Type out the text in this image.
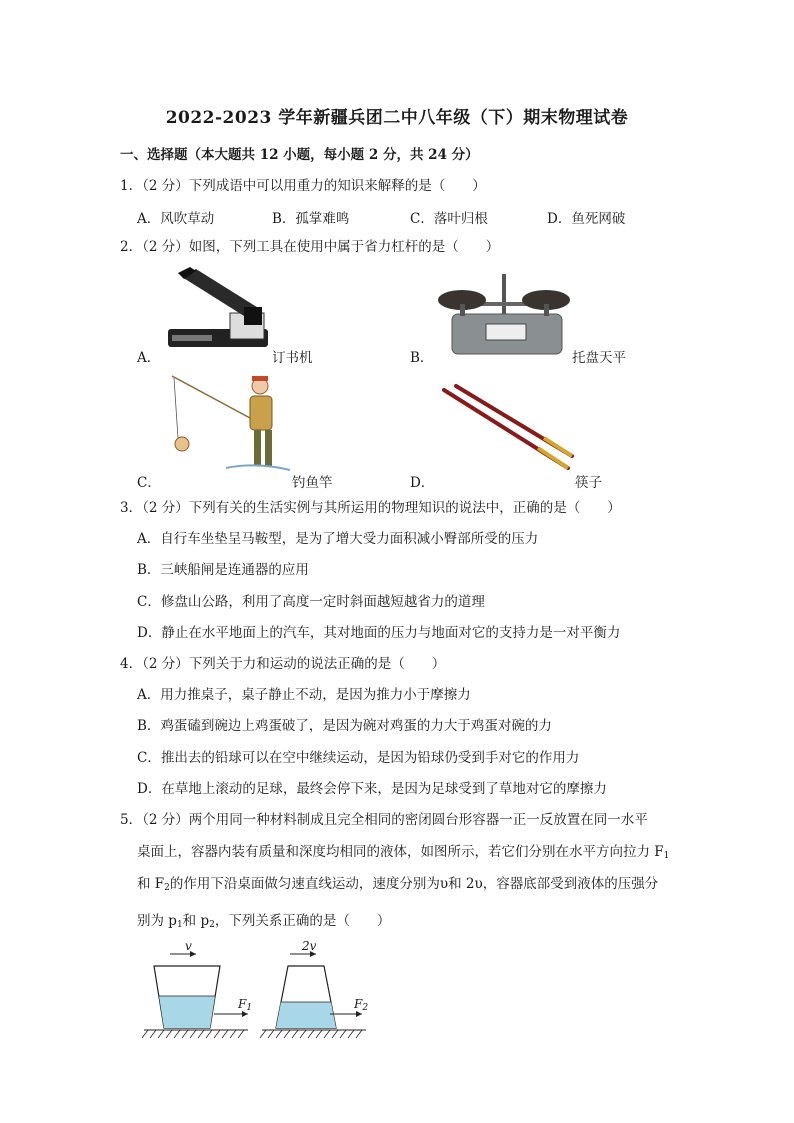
2022-2023 学年新疆兵团二中八年级（下）期末物理试卷
一、选择题（本大题共 12 小题，每小题 2 分，共 24 分）
1．（2 分）下列成语中可以用重力的知识来解释的是（　　）
A．风吹草动	B．孤掌难鸣	C．落叶归根	D．鱼死网破
2．（2 分）如图，下列工具在使用中属于省力杠杆的是（　　）
A．	订书机	B．	托盘天平
C．	钓鱼竿	D．	筷子
3．（2 分）下列有关的生活实例与其所运用的物理知识的说法中，正确的是（　　）
A．自行车坐垫呈马鞍型，是为了增大受力面积减小臀部所受的压力
B．三峡船闸是连通器的应用
C．修盘山公路，利用了高度一定时斜面越短越省力的道理
D．静止在水平地面上的汽车，其对地面的压力与地面对它的支持力是一对平衡力
4．（2 分）下列关于力和运动的说法正确的是（　　）
A．用力推桌子，桌子静止不动，是因为推力小于摩擦力
B．鸡蛋磕到碗边上鸡蛋破了，是因为碗对鸡蛋的力大于鸡蛋对碗的力
C．推出去的铅球可以在空中继续运动，是因为铅球仍受到手对它的作用力
D．在草地上滚动的足球，最终会停下来，是因为足球受到了草地对它的摩擦力
5．（2 分）两个用同一种材料制成且完全相同的密闭圆台形容器一正一反放置在同一水平
桌面上，容器内装有质量和深度均相同的液体，如图所示，若它们分别在水平方向拉力 $F_1$
和 $F_2$的作用下沿桌面做匀速直线运动，速度分别为υ和 2υ，容器底部受到液体的压强分
别为 $p_1$和 $p_2$，下列关系正确的是（　　）
v	2v
$F_1$	$F_2$
